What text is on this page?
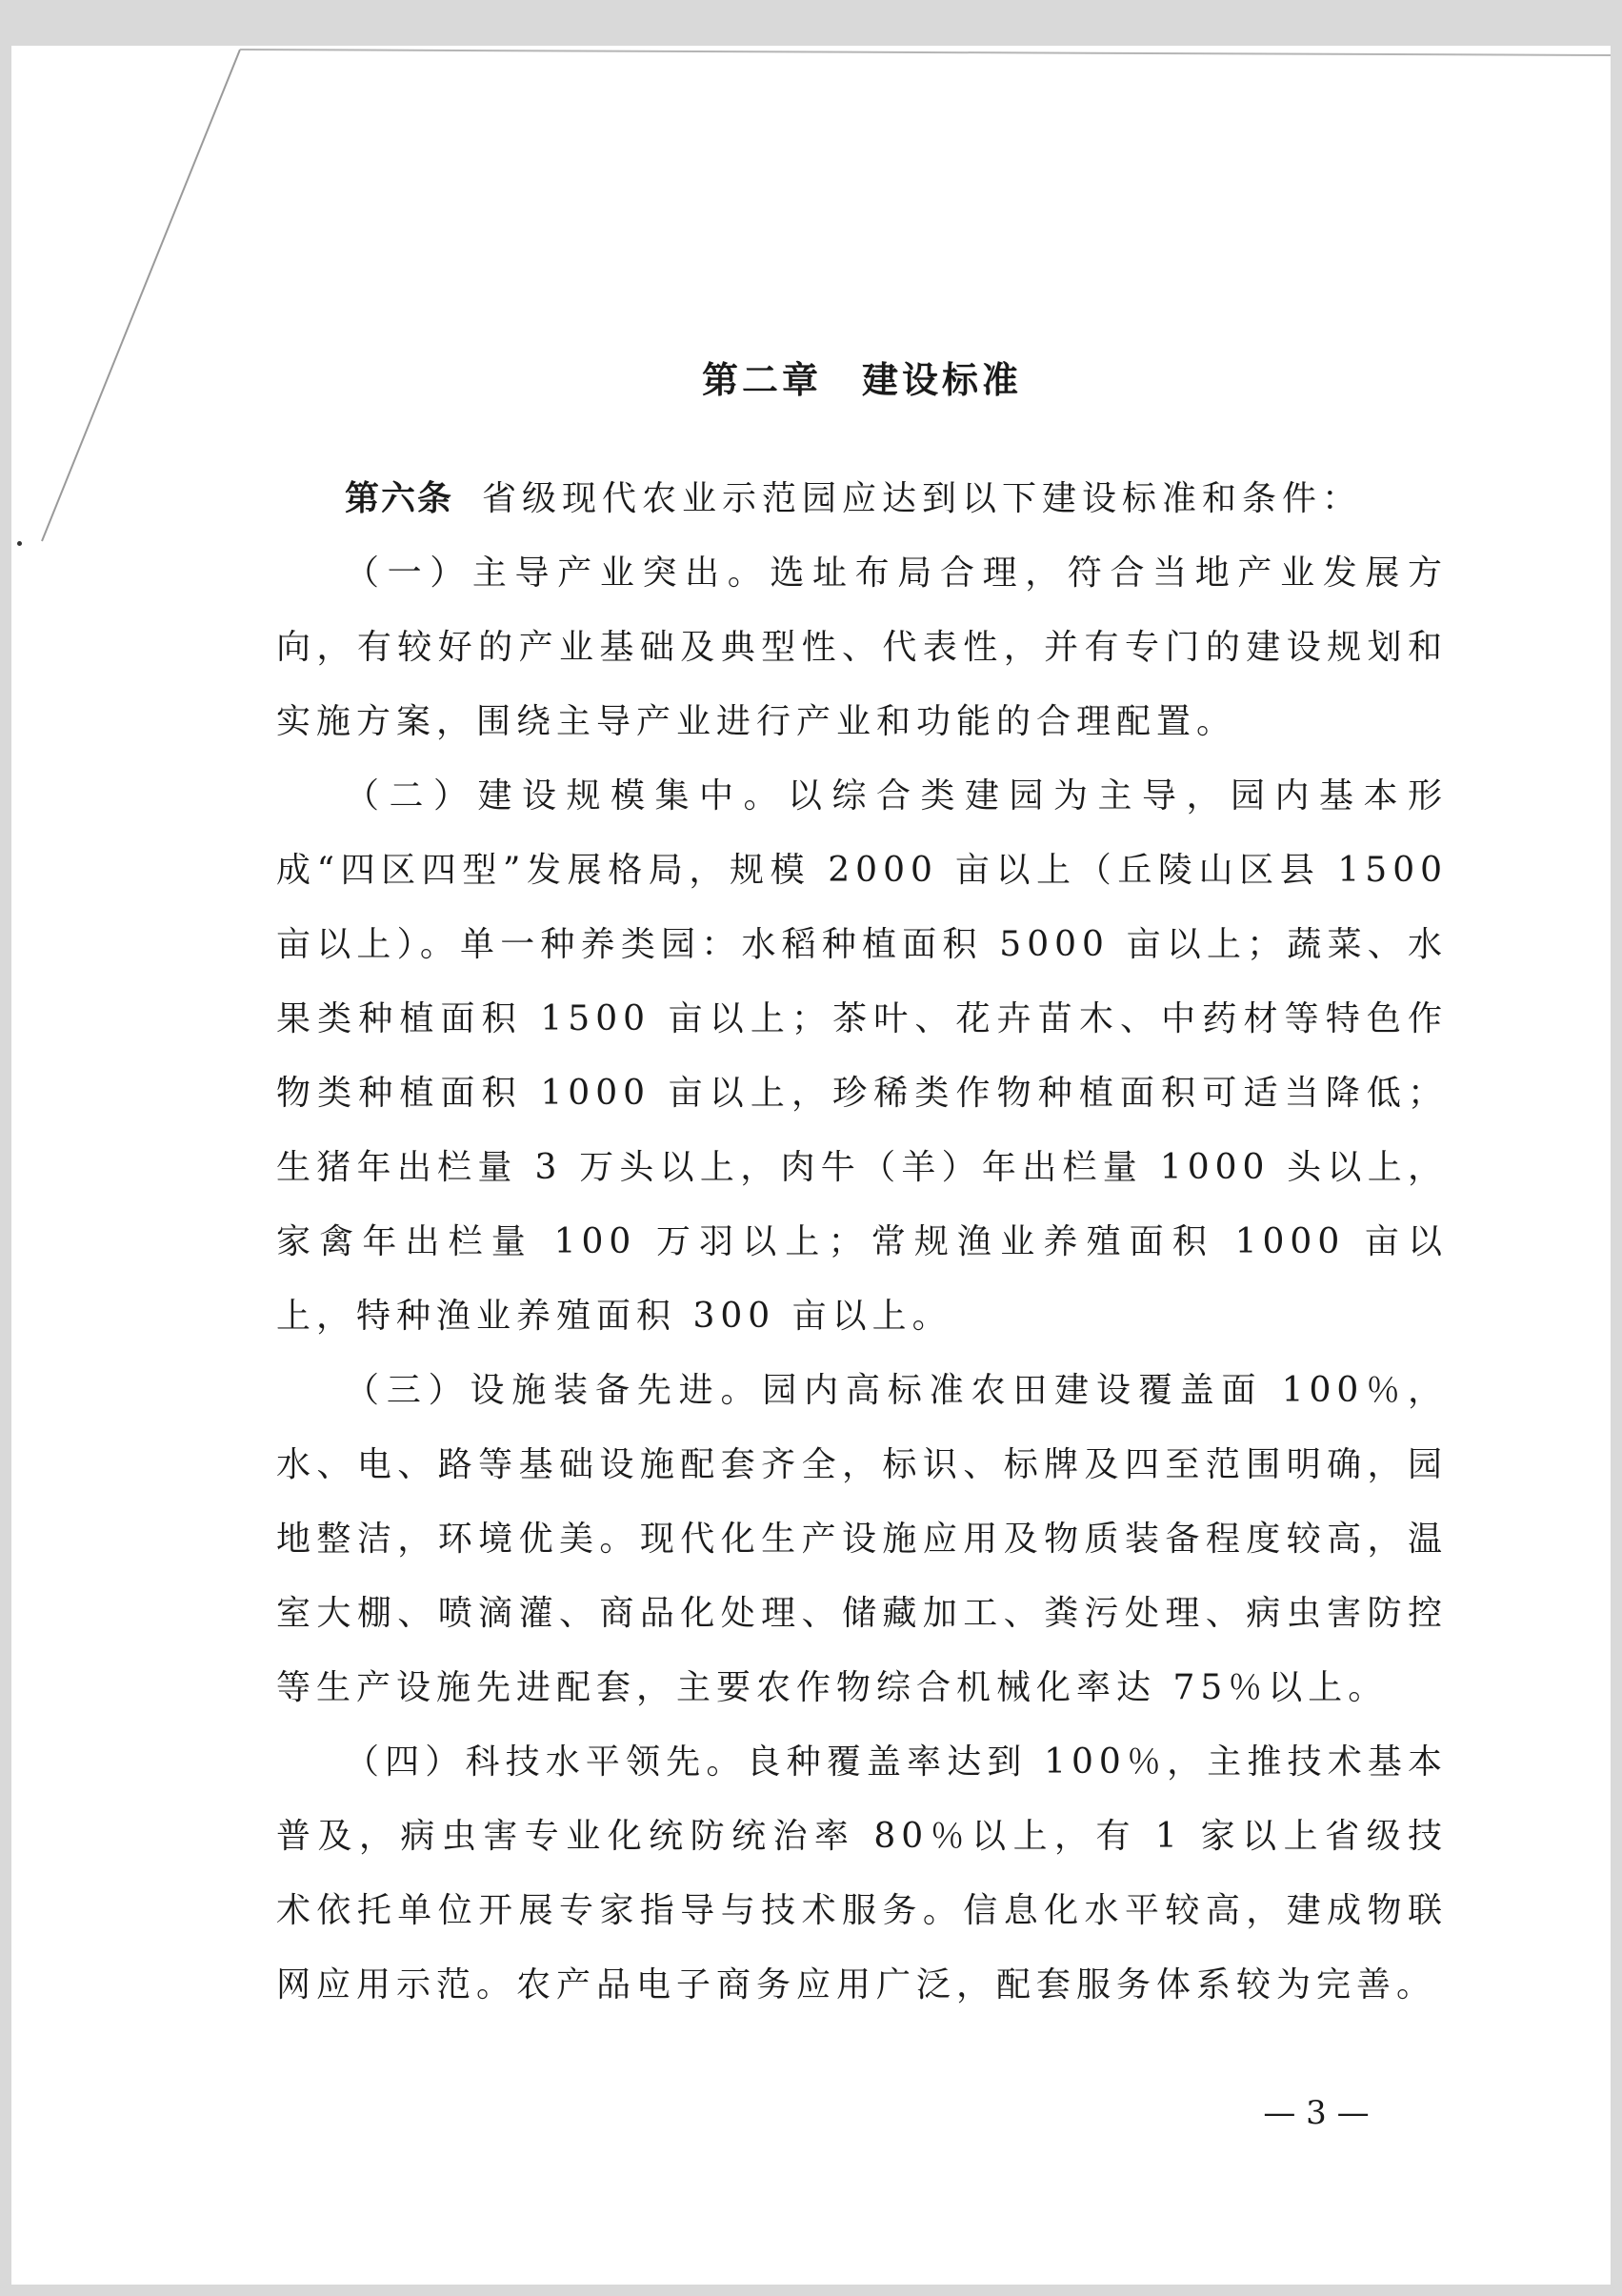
第二章　建设标准

第六条 省级现代农业示范园应达到以下建设标准和条件：

（一）主导产业突出。选址布局合理，符合当地产业发展方向，有较好的产业基础及典型性、代表性，并有专门的建设规划和实施方案，围绕主导产业进行产业和功能的合理配置。

（二）建设规模集中。以综合类建园为主导，园内基本形成“四区四型”发展格局，规模 2000 亩以上（丘陵山区县 1500 亩以上）。单一种养类园：水稻种植面积 5000 亩以上；蔬菜、水果类种植面积 1500 亩以上；茶叶、花卉苗木、中药材等特色作物类种植面积 1000 亩以上，珍稀类作物种植面积可适当降低；生猪年出栏量 3 万头以上，肉牛（羊）年出栏量 1000 头以上，家禽年出栏量 100 万羽以上；常规渔业养殖面积 1000 亩以上，特种渔业养殖面积 300 亩以上。

（三）设施装备先进。园内高标准农田建设覆盖面 100％，水、电、路等基础设施配套齐全，标识、标牌及四至范围明确，园地整洁，环境优美。现代化生产设施应用及物质装备程度较高，温室大棚、喷滴灌、商品化处理、储藏加工、粪污处理、病虫害防控等生产设施先进配套，主要农作物综合机械化率达 75％以上。

（四）科技水平领先。良种覆盖率达到 100％，主推技术基本普及，病虫害专业化统防统治率 80％以上，有 1 家以上省级技术依托单位开展专家指导与技术服务。信息化水平较高，建成物联网应用示范。农产品电子商务应用广泛，配套服务体系较为完善。

— 3 —
